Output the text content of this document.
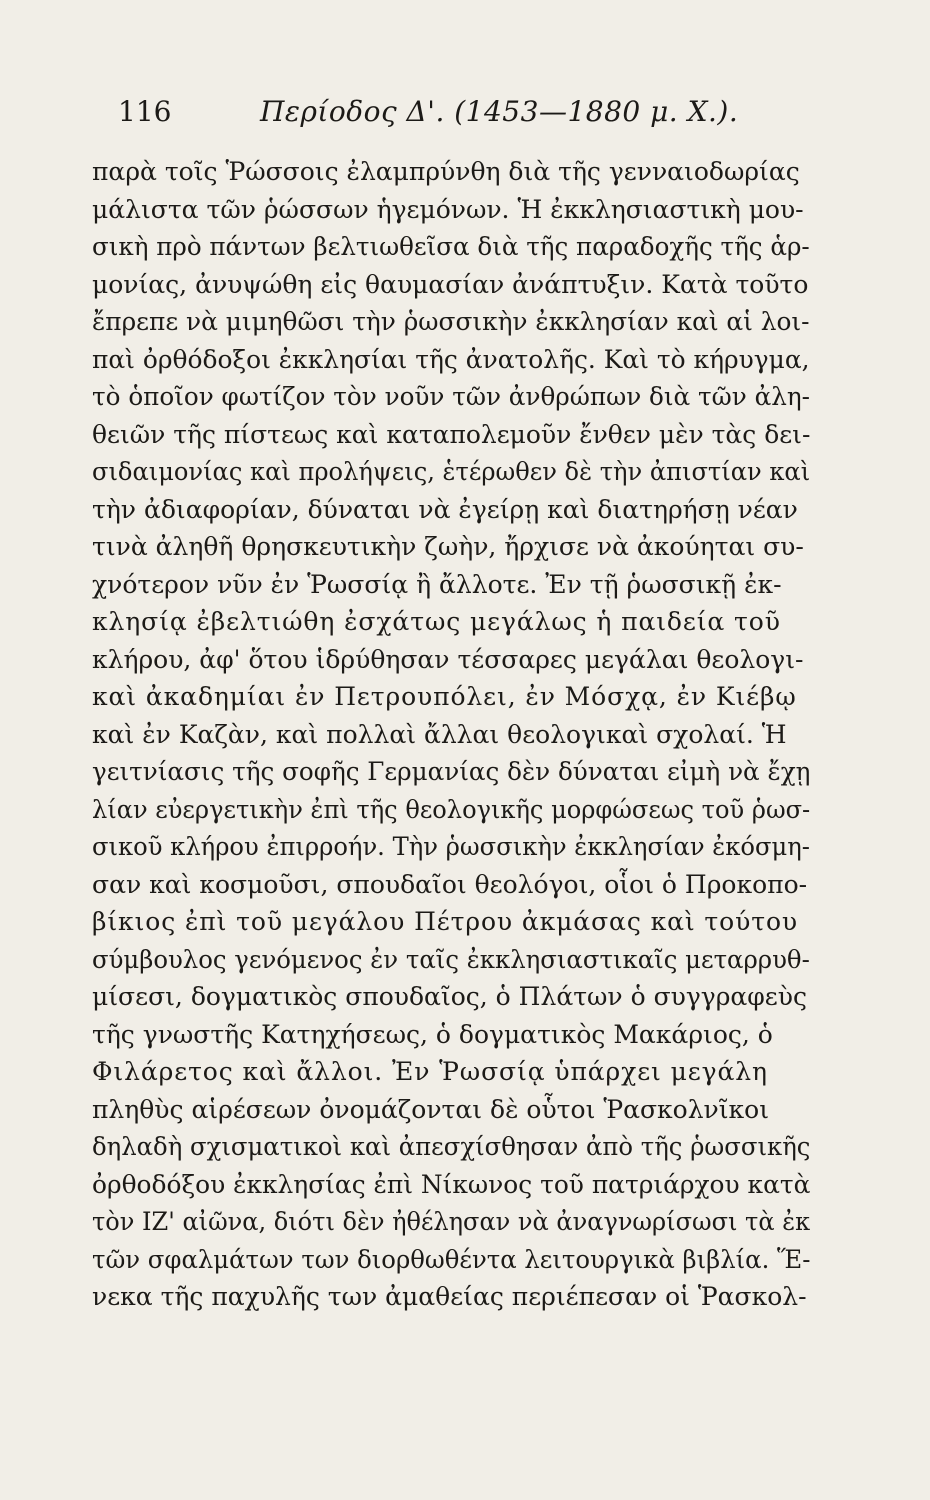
116	Περίοδος Δ'. (1453—1880 μ. Χ.).
παρὰ τοῖς Ῥώσσοις ἐλαμπρύνθη διὰ τῆς γενναιοδωρίας
μάλιστα τῶν ῥώσσων ἡγεμόνων. Ἡ ἐκκλησιαστικὴ μου-
σικὴ πρὸ πάντων βελτιωθεῖσα διὰ τῆς παραδοχῆς τῆς ἁρ-
μονίας, ἀνυψώθη εἰς θαυμασίαν ἀνάπτυξιν. Κατὰ τοῦτο
ἔπρεπε νὰ μιμηθῶσι τὴν ῥωσσικὴν ἐκκλησίαν καὶ αἱ λοι-
παὶ ὀρθόδοξοι ἐκκλησίαι τῆς ἀνατολῆς. Καὶ τὸ κήρυγμα,
τὸ ὁποῖον φωτίζον τὸν νοῦν τῶν ἀνθρώπων διὰ τῶν ἀλη-
θειῶν τῆς πίστεως καὶ καταπολεμοῦν ἔνθεν μὲν τὰς δει-
σιδαιμονίας καὶ προλήψεις, ἑτέρωθεν δὲ τὴν ἀπιστίαν καὶ
τὴν ἀδιαφορίαν, δύναται νὰ ἐγείρῃ καὶ διατηρήσῃ νέαν
τινὰ ἀληθῆ θρησκευτικὴν ζωὴν, ἤρχισε νὰ ἀκούηται συ-
χνότερον νῦν ἐν Ῥωσσίᾳ ἢ ἄλλοτε. Ἐν τῇ ῥωσσικῇ ἐκ-
κλησίᾳ ἐβελτιώθη ἐσχάτως μεγάλως ἡ παιδεία τοῦ
κλήρου, ἀφ' ὅτου ἱδρύθησαν τέσσαρες μεγάλαι θεολογι-
καὶ ἀκαδημίαι ἐν Πετρουπόλει, ἐν Μόσχᾳ, ἐν Κιέβῳ
καὶ ἐν Καζὰν, καὶ πολλαὶ ἄλλαι θεολογικαὶ σχολαί. Ἡ
γειτνίασις τῆς σοφῆς Γερμανίας δὲν δύναται εἰμὴ νὰ ἔχῃ
λίαν εὐεργετικὴν ἐπὶ τῆς θεολογικῆς μορφώσεως τοῦ ῥωσ-
σικοῦ κλήρου ἐπιρροήν. Τὴν ῥωσσικὴν ἐκκλησίαν ἐκόσμη-
σαν καὶ κοσμοῦσι, σπουδαῖοι θεολόγοι, οἷοι ὁ Προκοπο-
βίκιος ἐπὶ τοῦ μεγάλου Πέτρου ἀκμάσας καὶ τούτου
σύμβουλος γενόμενος ἐν ταῖς ἐκκλησιαστικαῖς μεταρρυθ-
μίσεσι, δογματικὸς σπουδαῖος, ὁ Πλάτων ὁ συγγραφεὺς
τῆς γνωστῆς Κατηχήσεως, ὁ δογματικὸς Μακάριος, ὁ
Φιλάρετος καὶ ἄλλοι. Ἐν Ῥωσσίᾳ ὑπάρχει μεγάλη
πληθὺς αἱρέσεων ὀνομάζονται δὲ οὗτοι Ῥασκολνῖκοι
δηλαδὴ σχισματικοὶ καὶ ἀπεσχίσθησαν ἀπὸ τῆς ῥωσσικῆς
ὀρθοδόξου ἐκκλησίας ἐπὶ Νίκωνος τοῦ πατριάρχου κατὰ
τὸν ΙΖ' αἰῶνα, διότι δὲν ἠθέλησαν νὰ ἀναγνωρίσωσι τὰ ἐκ
τῶν σφαλμάτων των διορθωθέντα λειτουργικὰ βιβλία. Ἕ-
νεκα τῆς παχυλῆς των ἀμαθείας περιέπεσαν οἱ Ῥασκολ-
